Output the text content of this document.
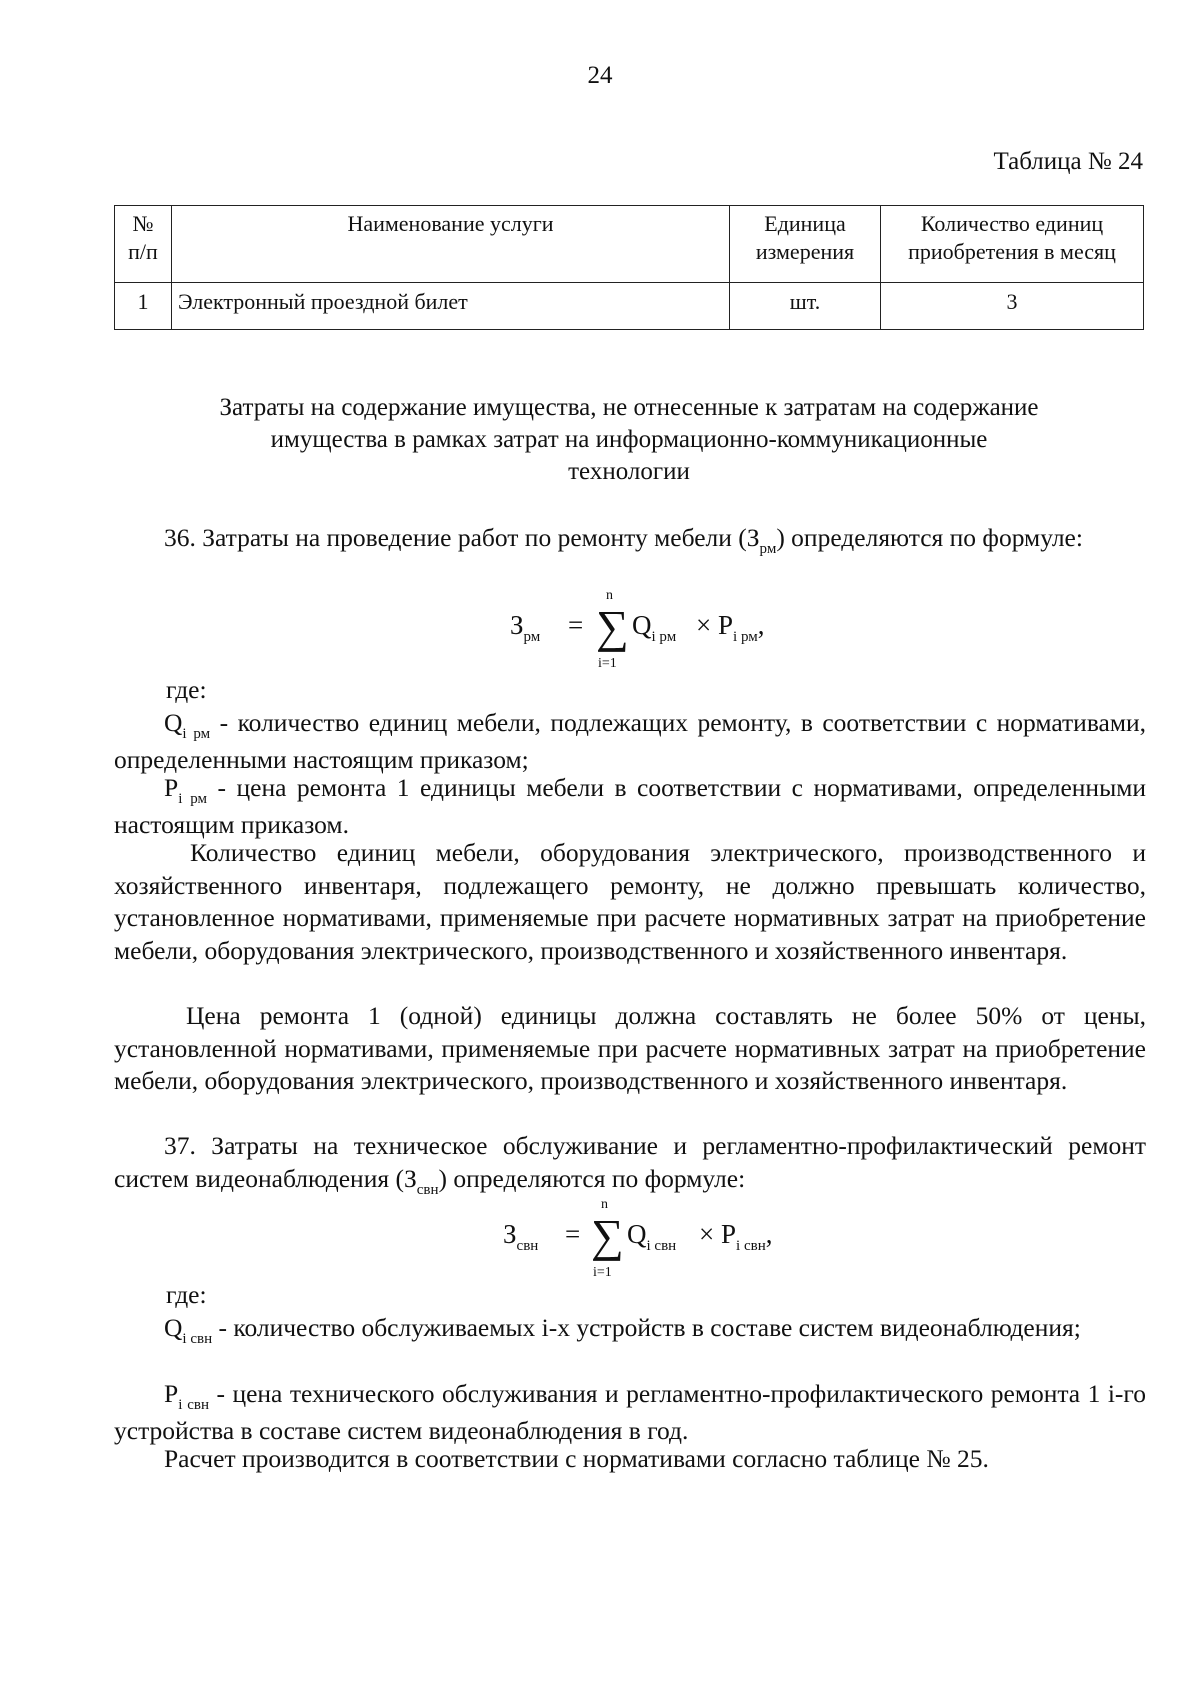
24
Таблица № 24
№ п/п	Наименование услуги	Единица измерения	Количество единиц приобретения в месяц
1	Электронный проездной билет	шт.	3
Затраты на содержание имущества, не отнесенные к затратам на содержание
имущества в рамках затрат на информационно-коммуникационные
технологии
36. Затраты на проведение работ по ремонту мебели $(З_{рм})$ определяются по формуле:
$З_{рм}$ =
n
∑
i=1
$Q_{i рм} \times P_{i рм}$,
где:
$Q_{i рм}$ - количество единиц мебели, подлежащих ремонту, в соответствии с нормативами, определенными настоящим приказом;
$P_{i рм}$ - цена ремонта 1 единицы мебели в соответствии с нормативами, определенными настоящим приказом.
Количество единиц мебели, оборудования электрического, производственного и хозяйственного инвентаря, подлежащего ремонту, не должно превышать количество, установленное нормативами, применяемые при расчете нормативных затрат на приобретение мебели, оборудования электрического, производственного и хозяйственного инвентаря.
Цена ремонта 1 (одной) единицы должна составлять не более 50% от цены, установленной нормативами, применяемые при расчете нормативных затрат на приобретение мебели, оборудования электрического, производственного и хозяйственного инвентаря.
37. Затраты на техническое обслуживание и регламентно-профилактический ремонт систем видеонаблюдения $(З_{свн})$ определяются по формуле:
$З_{свн}$ =
n
∑
i=1
$Q_{i свн} \times P_{i свн}$,
где:
$Q_{i свн}$ - количество обслуживаемых i-х устройств в составе систем видеонаблюдения;
$P_{i свн}$ - цена технического обслуживания и регламентно-профилактического ремонта 1 i-го устройства в составе систем видеонаблюдения в год.
Расчет производится в соответствии с нормативами согласно таблице № 25.
